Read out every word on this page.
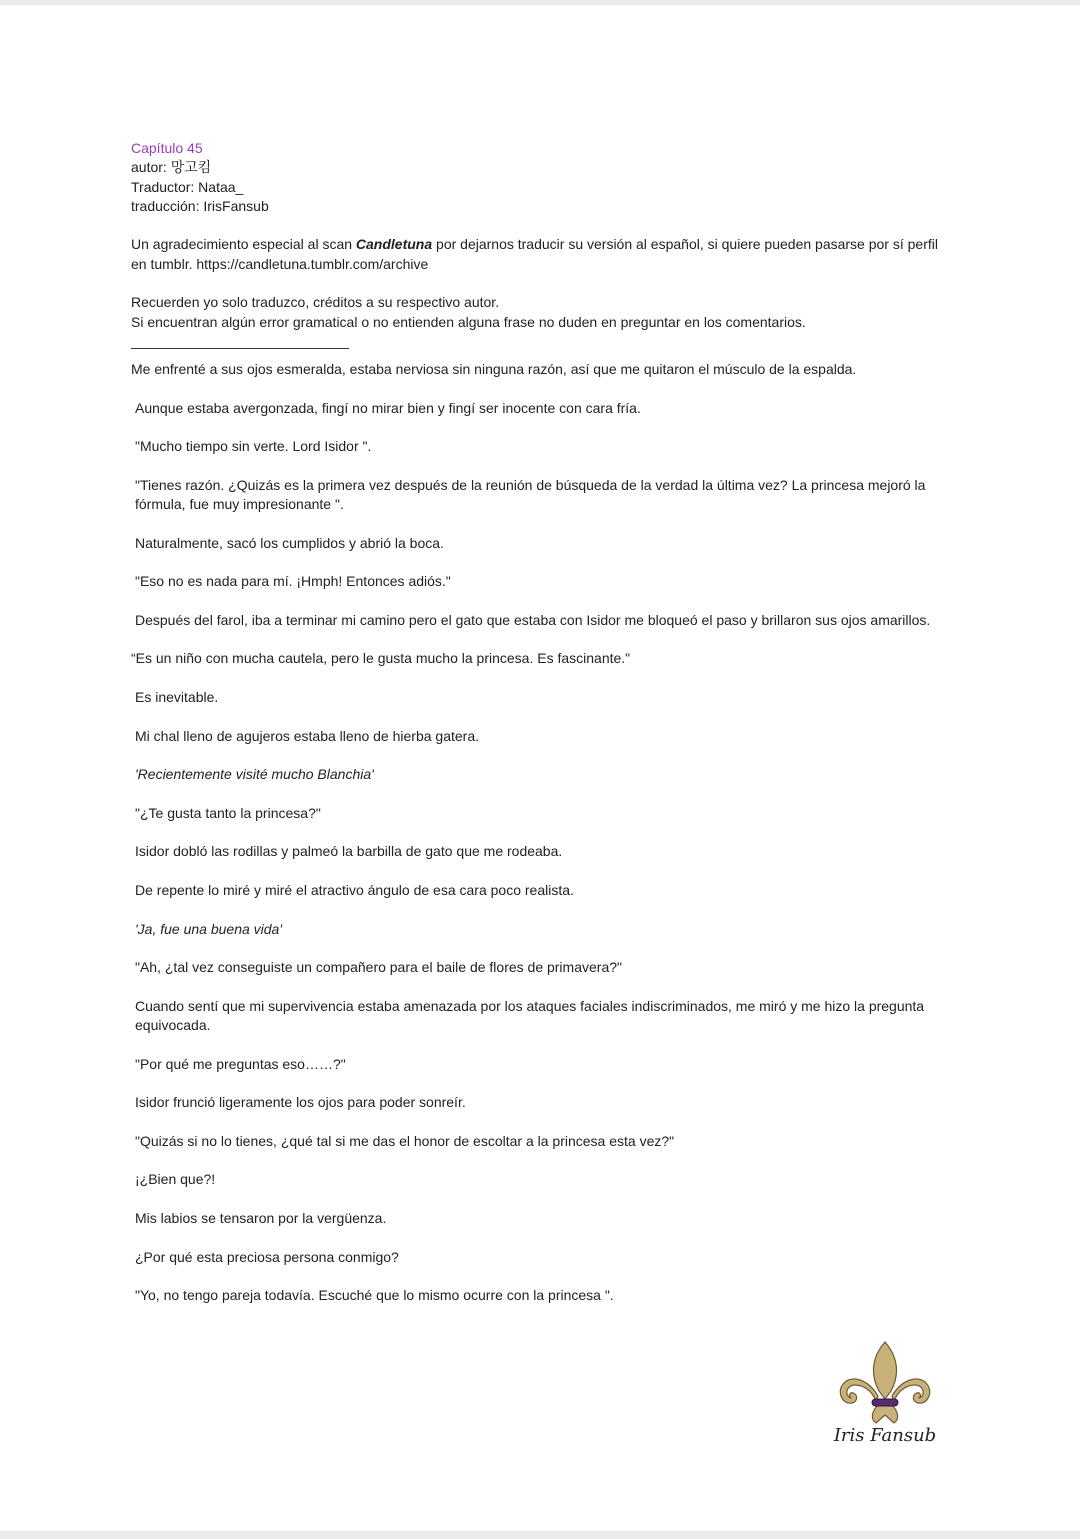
Capítulo 45

autor: 망고킴

Traductor: Nataa_

traducción: IrisFansub

Un agradecimiento especial al scan Candletuna por dejarnos traducir su versión al español, si quiere pueden pasarse por sí perfil en tumblr. https://candletuna.tumblr.com/archive

Recuerden yo solo traduzco, créditos a su respectivo autor.

Si encuentran algún error gramatical o no entienden alguna frase no duden en preguntar en los comentarios.

Me enfrenté a sus ojos esmeralda, estaba nerviosa sin ninguna razón, así que me quitaron el músculo de la espalda.

Aunque estaba avergonzada, fingí no mirar bien y fingí ser inocente con cara fría.

"Mucho tiempo sin verte. Lord Isidor ".

"Tienes razón. ¿Quizás es la primera vez después de la reunión de búsqueda de la verdad la última vez? La princesa mejoró la fórmula, fue muy impresionante ".

Naturalmente, sacó los cumplidos y abrió la boca.

"Eso no es nada para mí. ¡Hmph! Entonces adiós."

Después del farol, iba a terminar mi camino pero el gato que estaba con Isidor me bloqueó el paso y brillaron sus ojos amarillos.

“Es un niño con mucha cautela, pero le gusta mucho la princesa. Es fascinante."

Es inevitable.

Mi chal lleno de agujeros estaba lleno de hierba gatera.

'Recientemente visité mucho Blanchia'

"¿Te gusta tanto la princesa?"

Isidor dobló las rodillas y palmeó la barbilla de gato que me rodeaba.

De repente lo miré y miré el atractivo ángulo de esa cara poco realista.

'Ja, fue una buena vida'

"Ah, ¿tal vez conseguiste un compañero para el baile de flores de primavera?"

Cuando sentí que mi supervivencia estaba amenazada por los ataques faciales indiscriminados, me miró y me hizo la pregunta equivocada.

"Por qué me preguntas eso……?"

Isidor frunció ligeramente los ojos para poder sonreír.

"Quizás si no lo tienes, ¿qué tal si me das el honor de escoltar a la princesa esta vez?"

¡¿Bien que?!

Mis labios se tensaron por la vergüenza.

¿Por qué esta preciosa persona conmigo?

"Yo, no tengo pareja todavía. Escuché que lo mismo ocurre con la princesa ".

Iris Fansub
